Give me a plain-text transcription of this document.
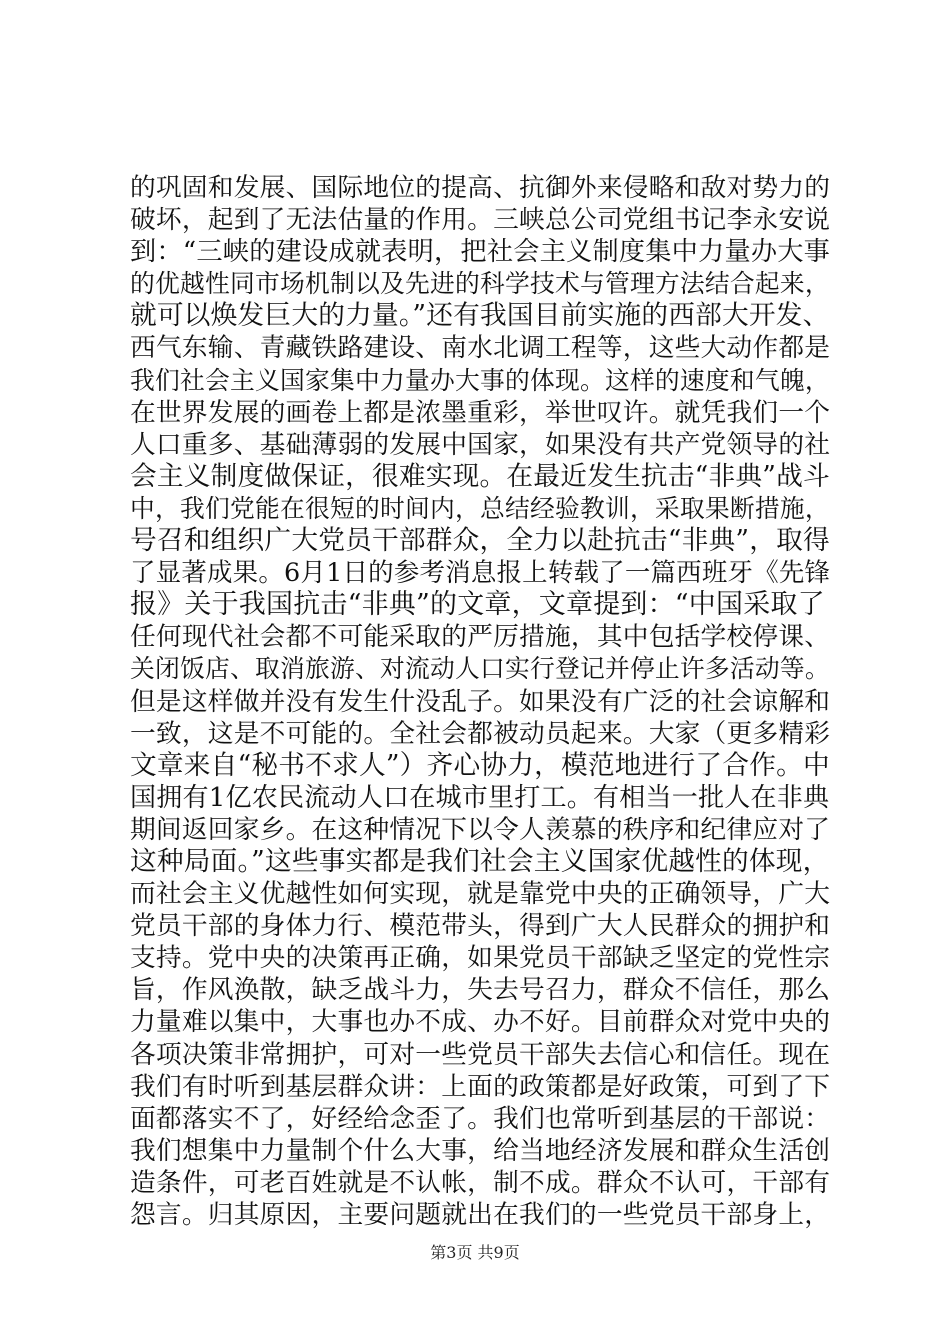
的巩固和发展、国际地位的提高、抗御外来侵略和敌对势力的
破坏，起到了无法估量的作用。三峡总公司党组书记李永安说
到：“三峡的建设成就表明，把社会主义制度集中力量办大事
的优越性同市场机制以及先进的科学技术与管理方法结合起来，
就可以焕发巨大的力量。”还有我国目前实施的西部大开发、
西气东输、青藏铁路建设、南水北调工程等，这些大动作都是
我们社会主义国家集中力量办大事的体现。这样的速度和气魄，
在世界发展的画卷上都是浓墨重彩，举世叹许。就凭我们一个
人口重多、基础薄弱的发展中国家，如果没有共产党领导的社
会主义制度做保证，很难实现。在最近发生抗击“非典”战斗
中，我们党能在很短的时间内，总结经验教训，采取果断措施，
号召和组织广大党员干部群众，全力以赴抗击“非典”，取得
了显著成果。6月1日的参考消息报上转载了一篇西班牙《先锋
报》关于我国抗击“非典”的文章，文章提到：“中国采取了
任何现代社会都不可能采取的严厉措施，其中包括学校停课、
关闭饭店、取消旅游、对流动人口实行登记并停止许多活动等。
但是这样做并没有发生什没乱子。如果没有广泛的社会谅解和
一致，这是不可能的。全社会都被动员起来。大家（更多精彩
文章来自“秘书不求人”）齐心协力，模范地进行了合作。中
国拥有1亿农民流动人口在城市里打工。有相当一批人在非典
期间返回家乡。在这种情况下以令人羡慕的秩序和纪律应对了
这种局面。”这些事实都是我们社会主义国家优越性的体现，
而社会主义优越性如何实现，就是靠党中央的正确领导，广大
党员干部的身体力行、模范带头，得到广大人民群众的拥护和
支持。党中央的决策再正确，如果党员干部缺乏坚定的党性宗
旨，作风涣散，缺乏战斗力，失去号召力，群众不信任，那么
力量难以集中，大事也办不成、办不好。目前群众对党中央的
各项决策非常拥护，可对一些党员干部失去信心和信任。现在
我们有时听到基层群众讲：上面的政策都是好政策，可到了下
面都落实不了，好经给念歪了。我们也常听到基层的干部说：
我们想集中力量制个什么大事，给当地经济发展和群众生活创
造条件，可老百姓就是不认帐，制不成。群众不认可，干部有
怨言。归其原因，主要问题就出在我们的一些党员干部身上，
第3页 共9页
